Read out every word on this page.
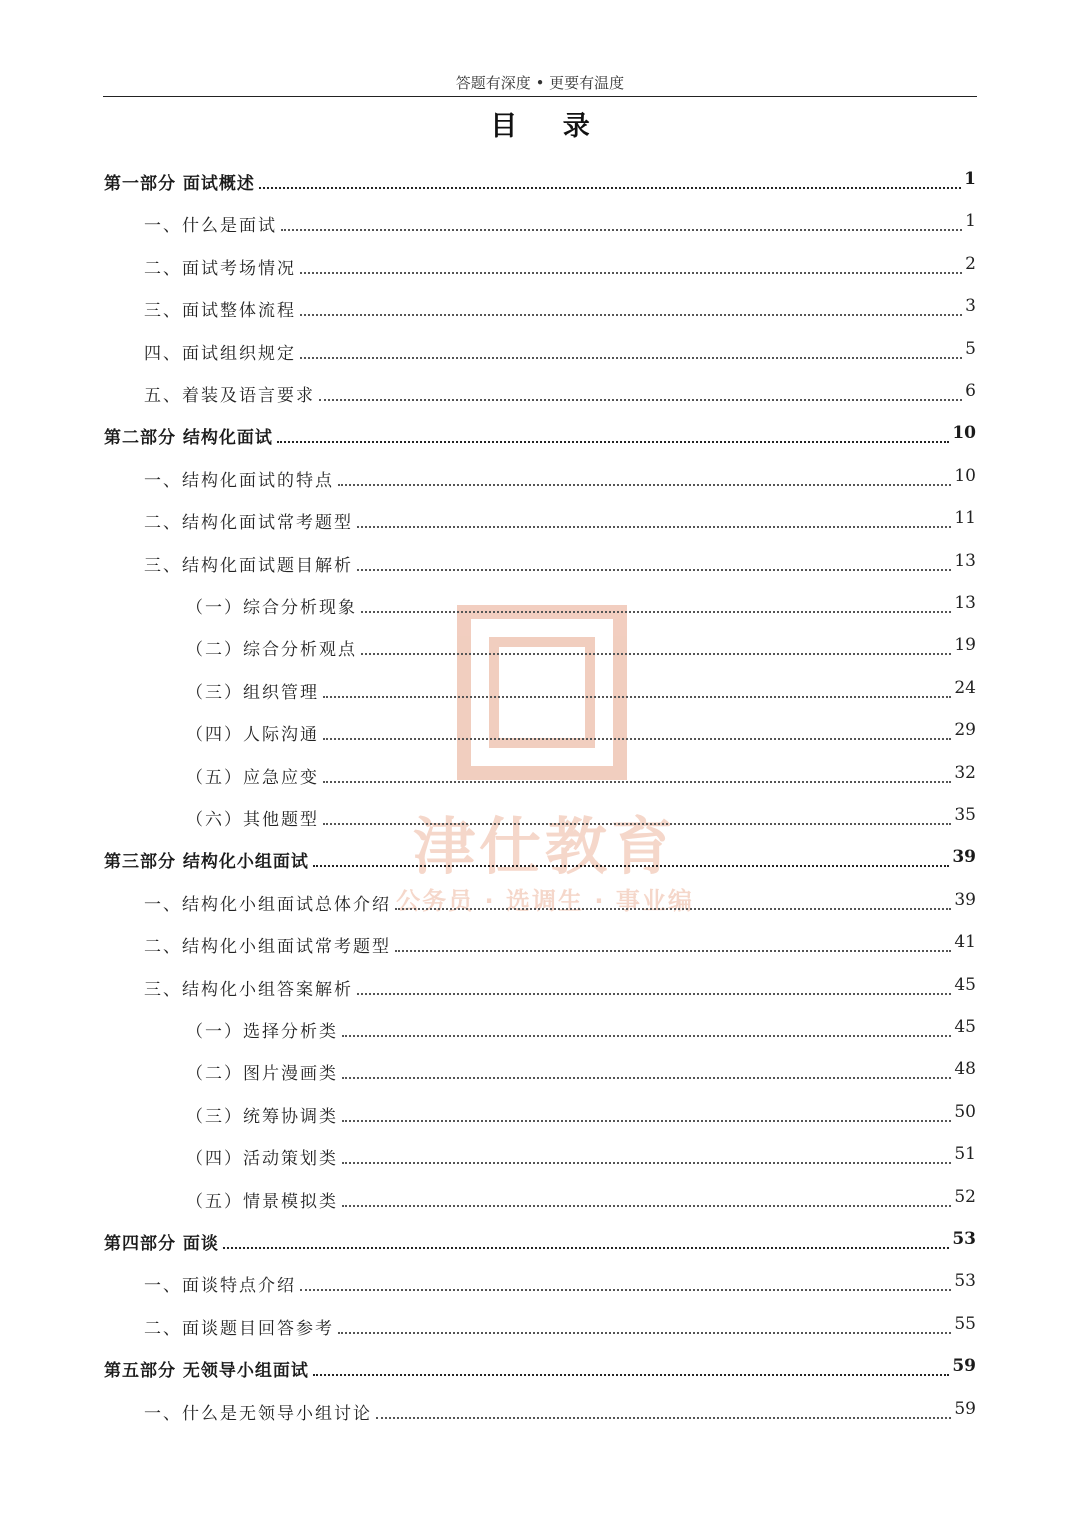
答题有深度 • 更要有温度
目 录
津仕教育
公务员 · 选调生 · 事业编
第一部分 面试概述	1
一、什么是面试	1
二、面试考场情况	2
三、面试整体流程	3
四、面试组织规定	5
五、着装及语言要求	6
第二部分 结构化面试	10
一、结构化面试的特点	10
二、结构化面试常考题型	11
三、结构化面试题目解析	13
（一）综合分析现象	13
（二）综合分析观点	19
（三）组织管理	24
（四）人际沟通	29
（五）应急应变	32
（六）其他题型	35
第三部分 结构化小组面试	39
一、结构化小组面试总体介绍	39
二、结构化小组面试常考题型	41
三、结构化小组答案解析	45
（一）选择分析类	45
（二）图片漫画类	48
（三）统筹协调类	50
（四）活动策划类	51
（五）情景模拟类	52
第四部分 面谈	53
一、面谈特点介绍	53
二、面谈题目回答参考	55
第五部分 无领导小组面试	59
一、什么是无领导小组讨论	59
